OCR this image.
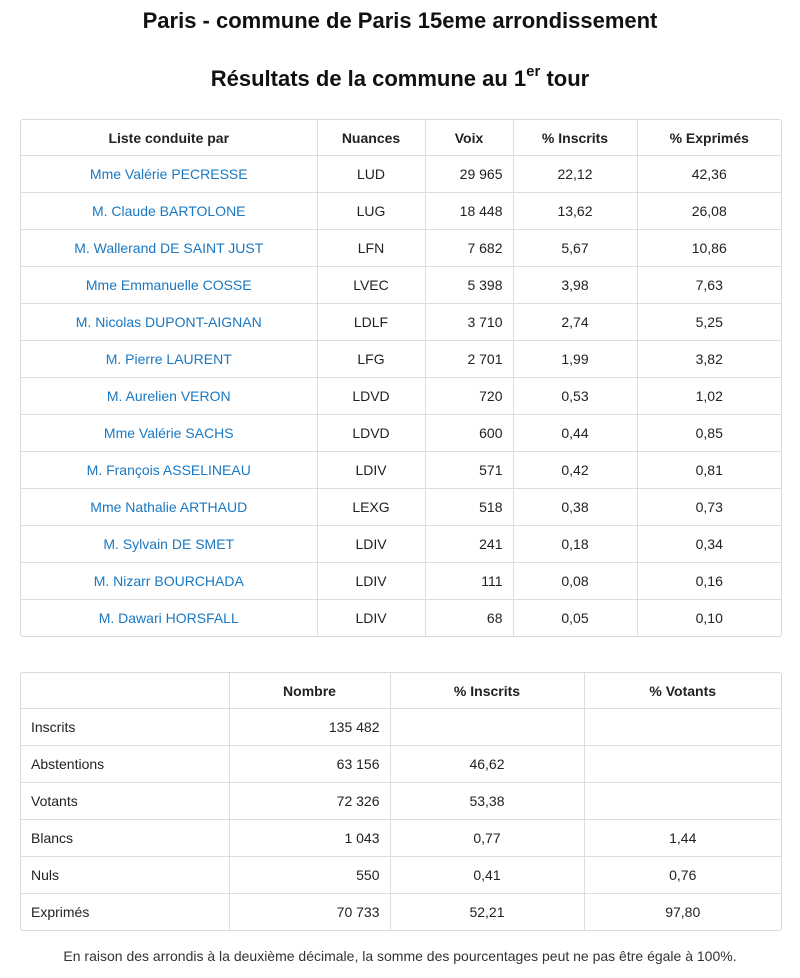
Paris - commune de Paris 15eme arrondissement
Résultats de la commune au 1er tour
Liste conduite par	Nuances	Voix	% Inscrits	% Exprimés
Mme Valérie PECRESSE	LUD	29 965	22,12	42,36
M. Claude BARTOLONE	LUG	18 448	13,62	26,08
M. Wallerand DE SAINT JUST	LFN	7 682	5,67	10,86
Mme Emmanuelle COSSE	LVEC	5 398	3,98	7,63
M. Nicolas DUPONT-AIGNAN	LDLF	3 710	2,74	5,25
M. Pierre LAURENT	LFG	2 701	1,99	3,82
M. Aurelien VERON	LDVD	720	0,53	1,02
Mme Valérie SACHS	LDVD	600	0,44	0,85
M. François ASSELINEAU	LDIV	571	0,42	0,81
Mme Nathalie ARTHAUD	LEXG	518	0,38	0,73
M. Sylvain DE SMET	LDIV	241	0,18	0,34
M. Nizarr BOURCHADA	LDIV	111	0,08	0,16
M. Dawari HORSFALL	LDIV	68	0,05	0,10
	Nombre	% Inscrits	% Votants
Inscrits	135 482		
Abstentions	63 156	46,62	
Votants	72 326	53,38	
Blancs	1 043	0,77	1,44
Nuls	550	0,41	0,76
Exprimés	70 733	52,21	97,80

En raison des arrondis à la deuxième décimale, la somme des pourcentages peut ne pas être égale à 100%.
